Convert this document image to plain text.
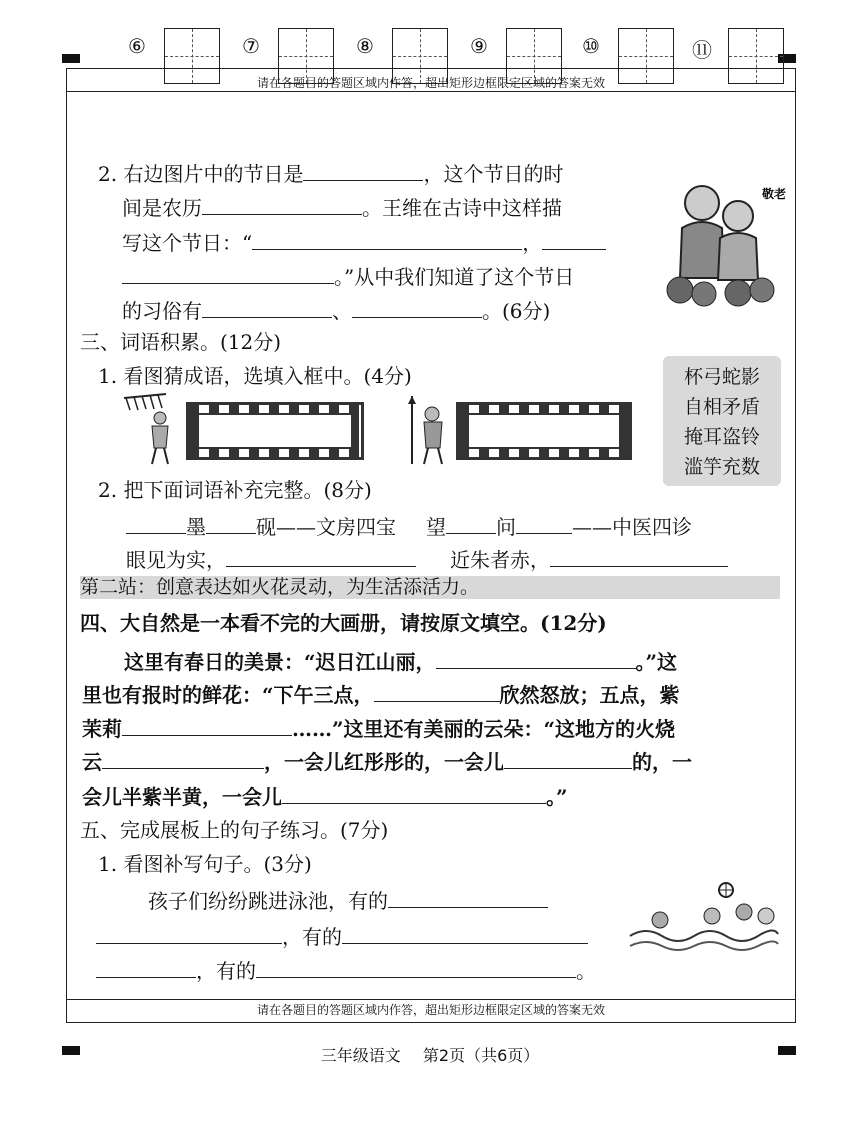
请在各题目的答题区域内作答，超出矩形边框限定区域的答案无效
请在各题目的答题区域内作答，超出矩形边框限定区域的答案无效
⑥	⑦	⑧	⑨	⑩	⑪
2. 右边图片中的节日是	，这个节日的时
间是农历	。王维在古诗中这样描
写这个节日：“	，
。”从中我们知道了这个节日
的习俗有	、	。(6分)
敬老
三、词语积累。(12分)
1. 看图猜成语，选填入框中。(4分)	杯弓蛇影
自相矛盾
掩耳盗铃
滥竽充数
2. 把下面词语补充完整。(8分)
墨	砚——文房四宝 望	问	——中医四诊
眼见为实，	近朱者赤，
第二站：创意表达如火花灵动，为生活添活力。
四、大自然是一本看不完的大画册，请按原文填空。(12分)
这里有春日的美景：“迟日江山丽，	。”这
里也有报时的鲜花：“下午三点，	欣然怒放；五点，紫
茉莉	……”这里还有美丽的云朵：“这地方的火烧
云	，一会儿红彤彤的，一会儿	的，一
会儿半紫半黄，一会儿	。”
五、完成展板上的句子练习。(7分)
1. 看图补写句子。(3分)
孩子们纷纷跳进泳池，有的
，有的
，有的	。
三年级语文 第2页（共6页）
